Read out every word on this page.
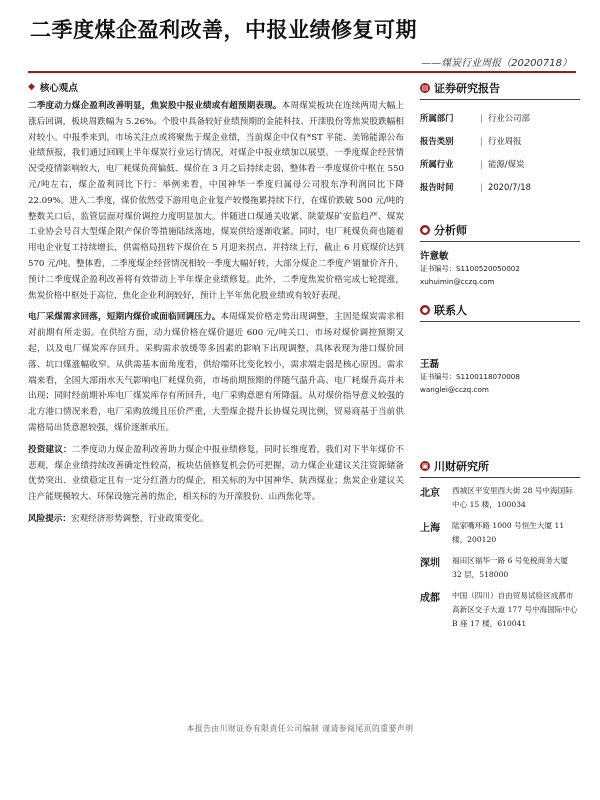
二季度煤企盈利改善，中报业绩修复可期
——煤炭行业周报（20200718）
◆ 核心观点

二季度动力煤企盈利改善明显，焦炭股中报业绩或有超预期表现。本周煤炭板块在连续两周大幅上涨后回调，板块周跌幅为 5.26%。个股中具备较好业绩预期的金能科技、开滦股份等焦炭股跌幅相对较小。中报季来到，市场关注点或将聚焦于煤企业绩，当前煤企中仅有*ST 平能、美锦能源公布业绩预报，我们通过回顾上半年煤炭行业运行情况，对煤企中报业绩加以展望。一季度煤企经营情况受疫情影响较大，电厂耗煤负荷偏低、煤价在 3 月之后持续走弱，整体看一季度煤价中枢在 550 元/吨左右，煤企盈利同比下行：举例来看，中国神华一季度归属母公司股东净利润同比下降 22.09%。进入二季度，煤价依然受下游用电企业复产较慢拖累持续下行，在煤价跌破 500 元/吨的整数关口后，监管层面对煤价调控力度明显加大。伴随进口煤通关收紧、陕蒙煤矿安监趋严、煤炭工业协会号召大型煤企限产保价等措施陆续落地，煤炭供给逐渐收紧。同时，电厂耗煤负荷也随着用电企业复工持续增长，供需格局扭转下煤价在 5 月迎来拐点、并持续上行，截止 6 月底煤价达到 570 元/吨。整体看，二季度煤企经营情况相较一季度大幅好转，大部分煤企二季度产销量价齐升，预计二季度煤企盈利改善将有效带动上半年煤企业绩修复。此外，二季度焦炭价格完成七轮提涨，焦炭价格中枢处于高位，焦化企业利润较好，预计上半年焦化股业绩或有较好表现。

电厂采煤需求回落，短期内煤价或面临回调压力。本周煤炭价格走势出现调整，主因是煤炭需求相对前期有所走弱。在供给方面，动力煤价格在煤价逼近 600 元/吨关口、市场对煤价调控预期又起，以及电厂煤炭库存回升、采购需求放缓等多因素的影响下出现调整，具体表现为港口煤价回落、坑口煤涨幅收窄。从供需基本面角度看，供给端环比变化较小，需求端走弱是核心原因。需求端来看，全国大部雨水天气影响电厂耗煤负荷，市场前期预期的伴随气温升高、电厂耗煤升高并未出现；同时经前期补库电厂煤炭库存有所回升，电厂采购意愿有所降温。从对煤价指导意义较强的北方港口情况来看，电厂采购放缓且压价严重，大型煤企提升长协煤兑现比例，贸易商基于当前供需格局出货意愿较强，煤价逐渐承压。

投资建议：二季度动力煤企盈利改善助力煤企中报业绩修复，同时长维度看，我们对下半年煤价不悲观，煤企业绩持续改善确定性较高，板块估值修复机会仍可把握，动力煤企业建议关注资源储备优势突出、业绩稳定且有一定分红潜力的煤企，相关标的为中国神华、陕西煤业；焦炭企业建议关注产能规模较大、环保设施完善的焦企，相关标的为开滦股份、山西焦化等。

风险提示：宏观经济形势调整，行业政策变化。
▤ 证券研究报告
所属部门	| 行业公司部
报告类别	| 行业周报
所属行业	| 能源/煤炭
报告时间	| 2020/7/18
● 分析师
许意敏
证书编号：S1100520050002
xuhuimin@cczq.com
● 联系人
王磊
证书编号：S1100118070008
wanglei@cczq.com
▣ 川财研究所
北京	西城区平安里西大街 28 号中海国际中心 15 楼，100034
上海	陆家嘴环路 1000 号恒生大厦 11 楼，200120
深圳	福田区福华一路 6 号免税商务大厦 32 层，518000
成都	中国（四川）自由贸易试验区成都市高新区交子大道 177 号中海国际中心 B 座 17 楼，610041
本报告由川财证券有限责任公司编制 谨请参阅尾页的重要声明
